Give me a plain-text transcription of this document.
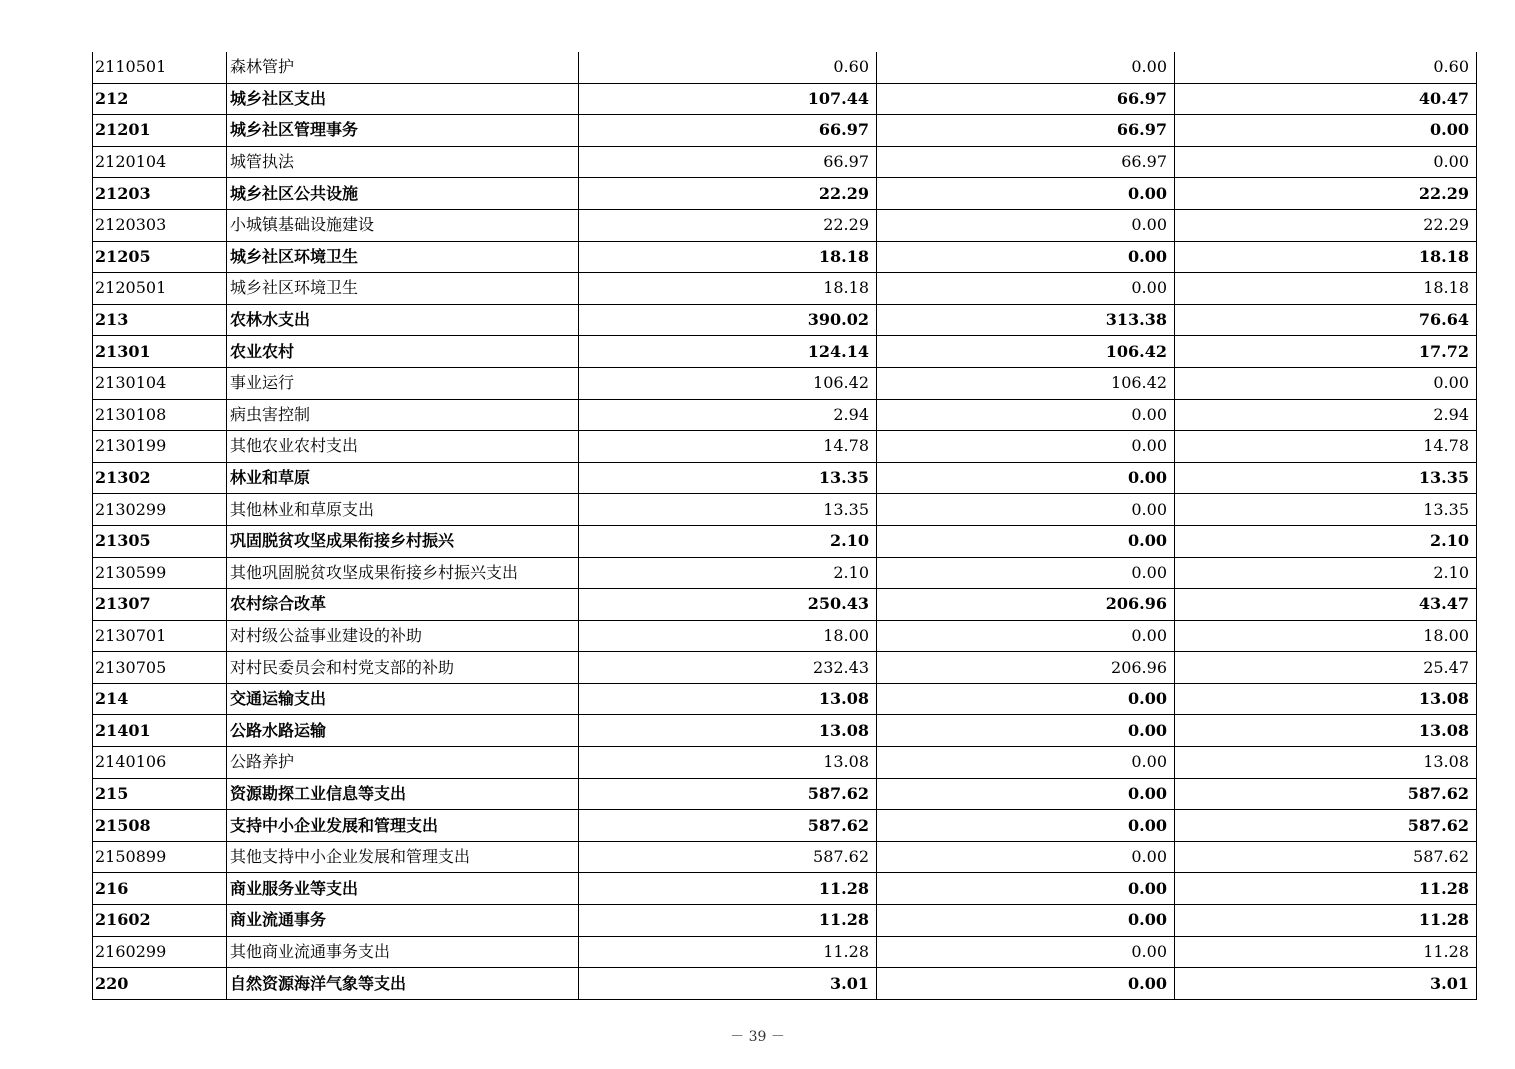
2110501	森林管护	0.60	0.00	0.60
212	城乡社区支出	107.44	66.97	40.47
21201	城乡社区管理事务	66.97	66.97	0.00
2120104	城管执法	66.97	66.97	0.00
21203	城乡社区公共设施	22.29	0.00	22.29
2120303	小城镇基础设施建设	22.29	0.00	22.29
21205	城乡社区环境卫生	18.18	0.00	18.18
2120501	城乡社区环境卫生	18.18	0.00	18.18
213	农林水支出	390.02	313.38	76.64
21301	农业农村	124.14	106.42	17.72
2130104	事业运行	106.42	106.42	0.00
2130108	病虫害控制	2.94	0.00	2.94
2130199	其他农业农村支出	14.78	0.00	14.78
21302	林业和草原	13.35	0.00	13.35
2130299	其他林业和草原支出	13.35	0.00	13.35
21305	巩固脱贫攻坚成果衔接乡村振兴	2.10	0.00	2.10
2130599	其他巩固脱贫攻坚成果衔接乡村振兴支出	2.10	0.00	2.10
21307	农村综合改革	250.43	206.96	43.47
2130701	对村级公益事业建设的补助	18.00	0.00	18.00
2130705	对村民委员会和村党支部的补助	232.43	206.96	25.47
214	交通运输支出	13.08	0.00	13.08
21401	公路水路运输	13.08	0.00	13.08
2140106	公路养护	13.08	0.00	13.08
215	资源勘探工业信息等支出	587.62	0.00	587.62
21508	支持中小企业发展和管理支出	587.62	0.00	587.62
2150899	其他支持中小企业发展和管理支出	587.62	0.00	587.62
216	商业服务业等支出	11.28	0.00	11.28
21602	商业流通事务	11.28	0.00	11.28
2160299	其他商业流通事务支出	11.28	0.00	11.28
220	自然资源海洋气象等支出	3.01	0.00	3.01
－ 39 －
